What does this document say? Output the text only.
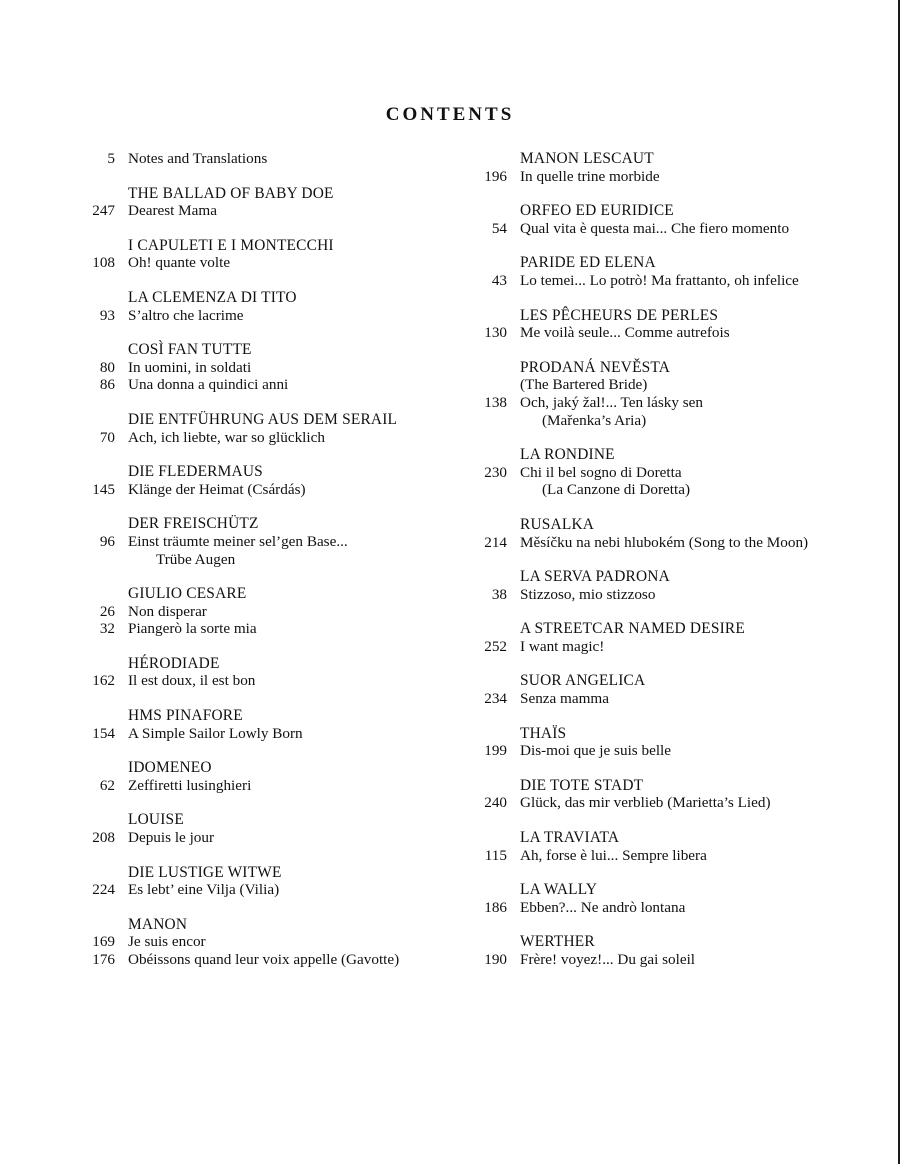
CONTENTS
5 Notes and Translations
THE BALLAD OF BABY DOE
247 Dearest Mama
I CAPULETI E I MONTECCHI
108 Oh! quante volte
LA CLEMENZA DI TITO
93 S’altro che lacrime
COSÌ FAN TUTTE
80 In uomini, in soldati
86 Una donna a quindici anni
DIE ENTFÜHRUNG AUS DEM SERAIL
70 Ach, ich liebte, war so glücklich
DIE FLEDERMAUS
145 Klänge der Heimat (Csárdás)
DER FREISCHÜTZ
96 Einst träumte meiner sel’gen Base...
Trübe Augen
GIULIO CESARE
26 Non disperar
32 Piangerò la sorte mia
HÉRODIADE
162 Il est doux, il est bon
HMS PINAFORE
154 A Simple Sailor Lowly Born
IDOMENEO
62 Zeffiretti lusinghieri
LOUISE
208 Depuis le jour
DIE LUSTIGE WITWE
224 Es lebt’ eine Vilja (Vilia)
MANON
169 Je suis encor
176 Obéissons quand leur voix appelle (Gavotte)
MANON LESCAUT
196 In quelle trine morbide
ORFEO ED EURIDICE
54 Qual vita è questa mai... Che fiero momento
PARIDE ED ELENA
43 Lo temei... Lo potrò! Ma frattanto, oh infelice
LES PÊCHEURS DE PERLES
130 Me voilà seule... Comme autrefois
PRODANÁ NEVĚSTA
(The Bartered Bride)
138 Och, jaký žal!... Ten lásky sen
(Mařenka’s Aria)
LA RONDINE
230 Chi il bel sogno di Doretta
(La Canzone di Doretta)
RUSALKA
214 Měsíčku na nebi hlubokém (Song to the Moon)
LA SERVA PADRONA
38 Stizzoso, mio stizzoso
A STREETCAR NAMED DESIRE
252 I want magic!
SUOR ANGELICA
234 Senza mamma
THAÏS
199 Dis-moi que je suis belle
DIE TOTE STADT
240 Glück, das mir verblieb (Marietta’s Lied)
LA TRAVIATA
115 Ah, forse è lui... Sempre libera
LA WALLY
186 Ebben?... Ne andrò lontana
WERTHER
190 Frère! voyez!... Du gai soleil
